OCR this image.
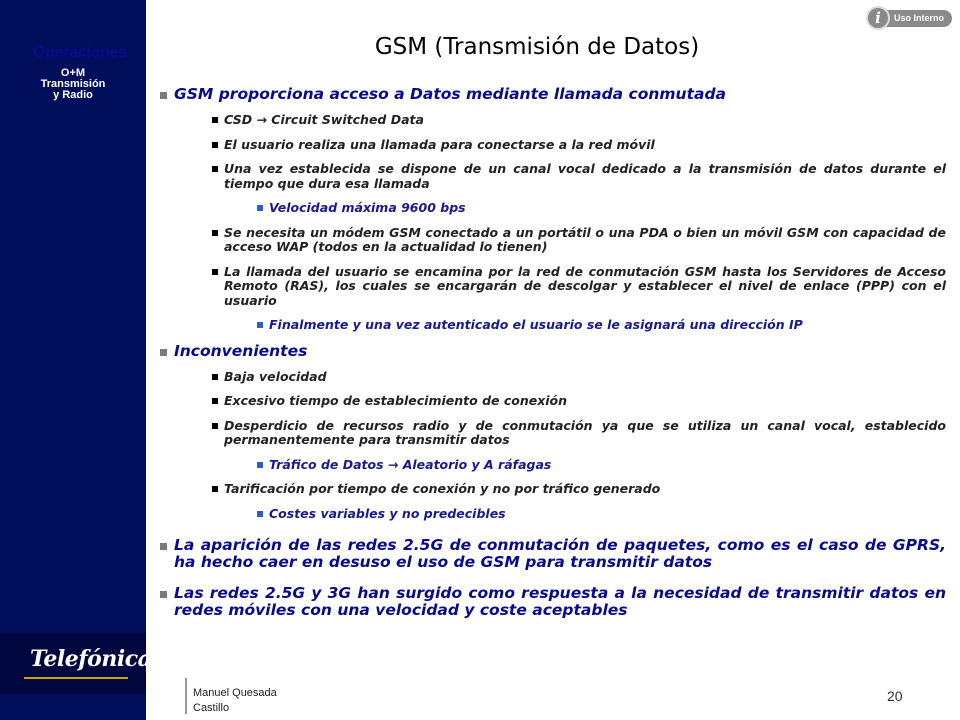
Operaciones
O+M
Transmisión
y Radio
Telefónica
Uso Interno
i
GSM (Transmisión de Datos)
GSM proporciona acceso a Datos mediante llamada conmutada
CSD → Circuit Switched Data
El usuario realiza una llamada para conectarse a la red móvil
Una vez establecida se dispone de un canal vocal dedicado a la transmisión de datos durante el tiempo que dura esa llamada
Velocidad máxima 9600 bps
Se necesita un módem GSM conectado a un portátil o una PDA o bien un móvil GSM con capacidad de acceso WAP (todos en la actualidad lo tienen)
La llamada del usuario se encamina por la red de conmutación GSM hasta los Servidores de Acceso Remoto (RAS), los cuales se encargarán de descolgar y establecer el nivel de enlace (PPP) con el usuario
Finalmente y una vez autenticado el usuario se le asignará una dirección IP
Inconvenientes
Baja velocidad
Excesivo tiempo de establecimiento de conexión
Desperdicio de recursos radio y de conmutación ya que se utiliza un canal vocal, establecido permanentemente para transmitir datos
Tráfico de Datos → Aleatorio y A ráfagas
Tarificación por tiempo de conexión y no por tráfico generado
Costes variables y no predecibles
La aparición de las redes 2.5G de conmutación de paquetes, como es el caso de GPRS, ha hecho caer en desuso el uso de GSM para transmitir datos
Las redes 2.5G y 3G han surgido como respuesta a la necesidad de transmitir datos en redes móviles con una velocidad y coste aceptables
Manuel Quesada
Castillo
20
